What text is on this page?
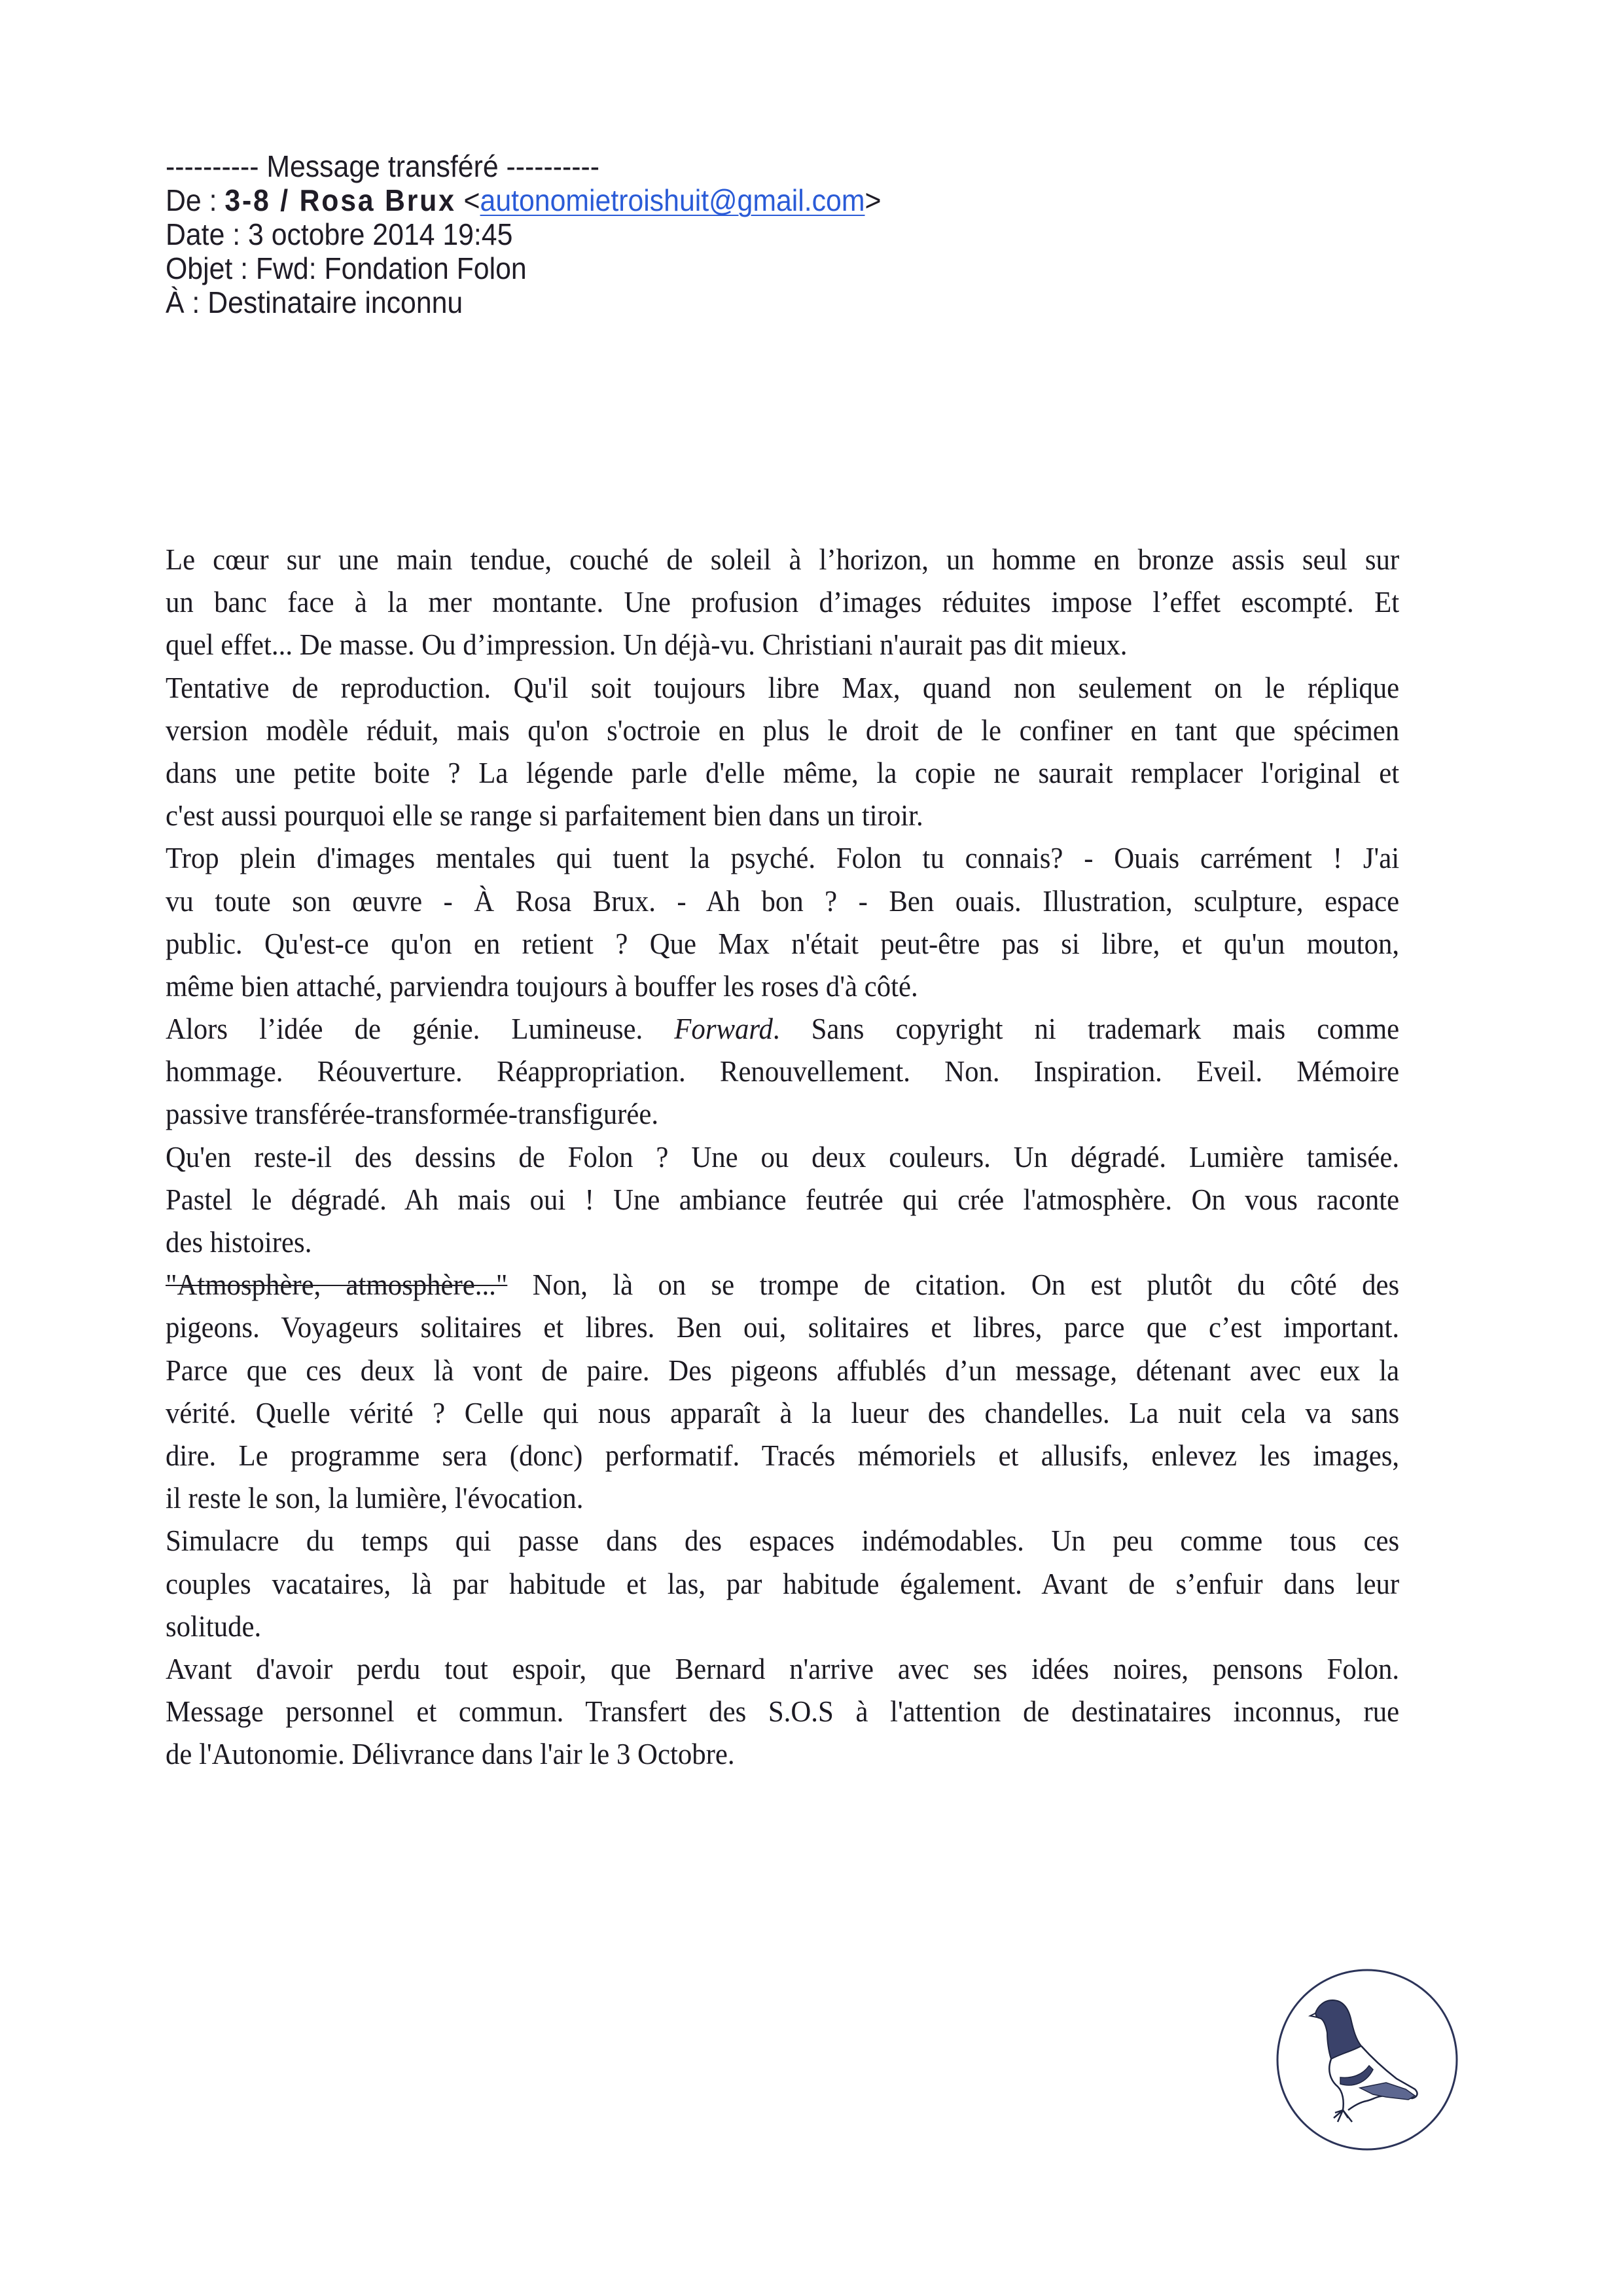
---------- Message transféré ----------
De : 3-8 / Rosa Brux <autonomietroishuit@gmail.com>
Date : 3 octobre 2014 19:45
Objet : Fwd: Fondation Folon
À : Destinataire inconnu
Le cœur sur une main tendue, couché de soleil à l’horizon, un homme en bronze assis seul sur
un banc face à la mer montante. Une profusion d’images réduites impose l’effet escompté. Et
quel effet... De masse. Ou d’impression. Un déjà-vu. Christiani n'aurait pas dit mieux.
Tentative de reproduction. Qu'il soit toujours libre Max, quand non seulement on le réplique
version modèle réduit, mais qu'on s'octroie en plus le droit de le confiner en tant que spécimen
dans une petite boite ? La légende parle d'elle même, la copie ne saurait remplacer l'original et
c'est aussi pourquoi elle se range si parfaitement bien dans un tiroir.
Trop plein d'images mentales qui tuent la psyché. Folon tu connais? - Ouais carrément ! J'ai
vu toute son œuvre - À Rosa Brux. - Ah bon ? - Ben ouais. Illustration, sculpture, espace
public. Qu'est-ce qu'on en retient ? Que Max n'était peut-être pas si libre, et qu'un mouton,
même bien attaché, parviendra toujours à bouffer les roses d'à côté.
Alors l’idée de génie. Lumineuse. Forward. Sans copyright ni trademark mais comme
hommage. Réouverture. Réappropriation. Renouvellement. Non. Inspiration. Eveil. Mémoire
passive transférée-transformée-transfigurée.
Qu'en reste-il des dessins de Folon ? Une ou deux couleurs. Un dégradé. Lumière tamisée.
Pastel le dégradé. Ah mais oui ! Une ambiance feutrée qui crée l'atmosphère. On vous raconte
des histoires.
"Atmosphère, atmosphère..." Non, là on se trompe de citation. On est plutôt du côté des
pigeons. Voyageurs solitaires et libres. Ben oui, solitaires et libres, parce que c’est important.
Parce que ces deux là vont de paire. Des pigeons affublés d’un message, détenant avec eux la
vérité. Quelle vérité ? Celle qui nous apparaît à la lueur des chandelles. La nuit cela va sans
dire. Le programme sera (donc) performatif. Tracés mémoriels et allusifs, enlevez les images,
il reste le son, la lumière, l'évocation.
Simulacre du temps qui passe dans des espaces indémodables. Un peu comme tous ces
couples vacataires, là par habitude et las, par habitude également. Avant de s’enfuir dans leur
solitude.
Avant d'avoir perdu tout espoir, que Bernard n'arrive avec ses idées noires, pensons Folon.
Message personnel et commun. Transfert des S.O.S à l'attention de destinataires inconnus, rue
de l'Autonomie. Délivrance dans l'air le 3 Octobre.
